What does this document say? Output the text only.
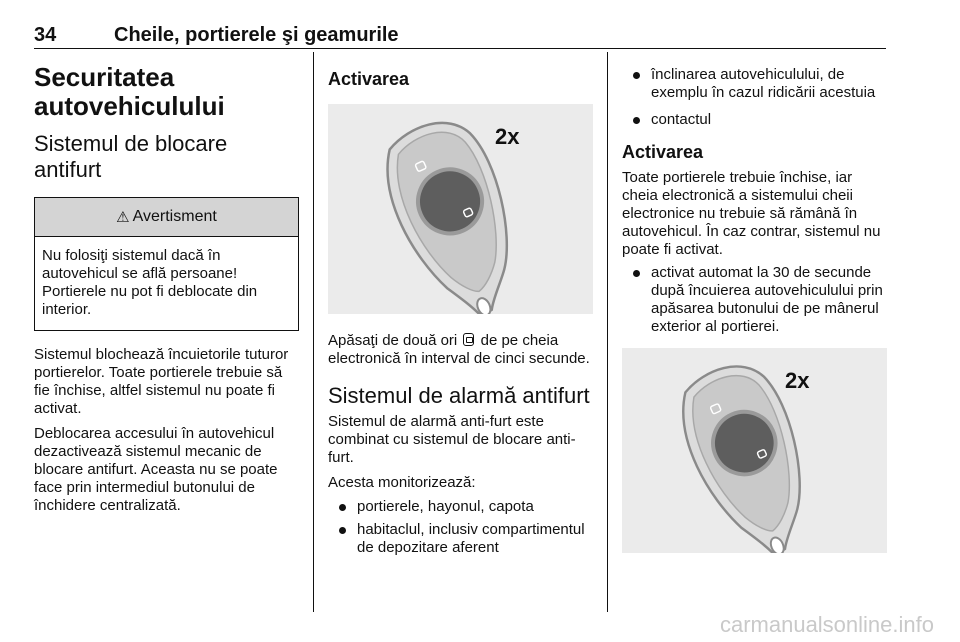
34	Cheile, portierele şi geamurile
Securitatea autovehiculului
Sistemul de blocare antifurt
⚠ Avertisment

Nu folosiţi sistemul dacă în autovehicul se află persoane! Portierele nu pot fi deblocate din interior.

Sistemul blochează încuietorile tuturor portierelor. Toate portierele trebuie să fie închise, altfel sistemul nu poate fi activat.

Deblocarea accesului în autovehicul dezactivează sistemul mecanic de blocare antifurt. Aceasta nu se poate face prin intermediul butonului de închidere centralizată.

Activarea
2x

Apăsaţi de două ori de pe cheia electronică în interval de cinci secunde.

Sistemul de alarmă antifurt

Sistemul de alarmă anti-furt este combinat cu sistemul de blocare anti-furt.

Acesta monitorizează:

portierele, hayonul, capota
habitaclul, inclusiv compartimentul de depozitare aferent
înclinarea autovehiculului, de exemplu în cazul ridicării acestuia
contactul
Activarea

Toate portierele trebuie închise, iar cheia electronică a sistemului cheii electronice nu trebuie să rămână în autovehicul. În caz contrar, sistemul nu poate fi activat.

activat automat la 30 de secunde după încuierea autovehiculului prin apăsarea butonului de pe mânerul exterior al portierei.
2x
carmanualsonline.info
